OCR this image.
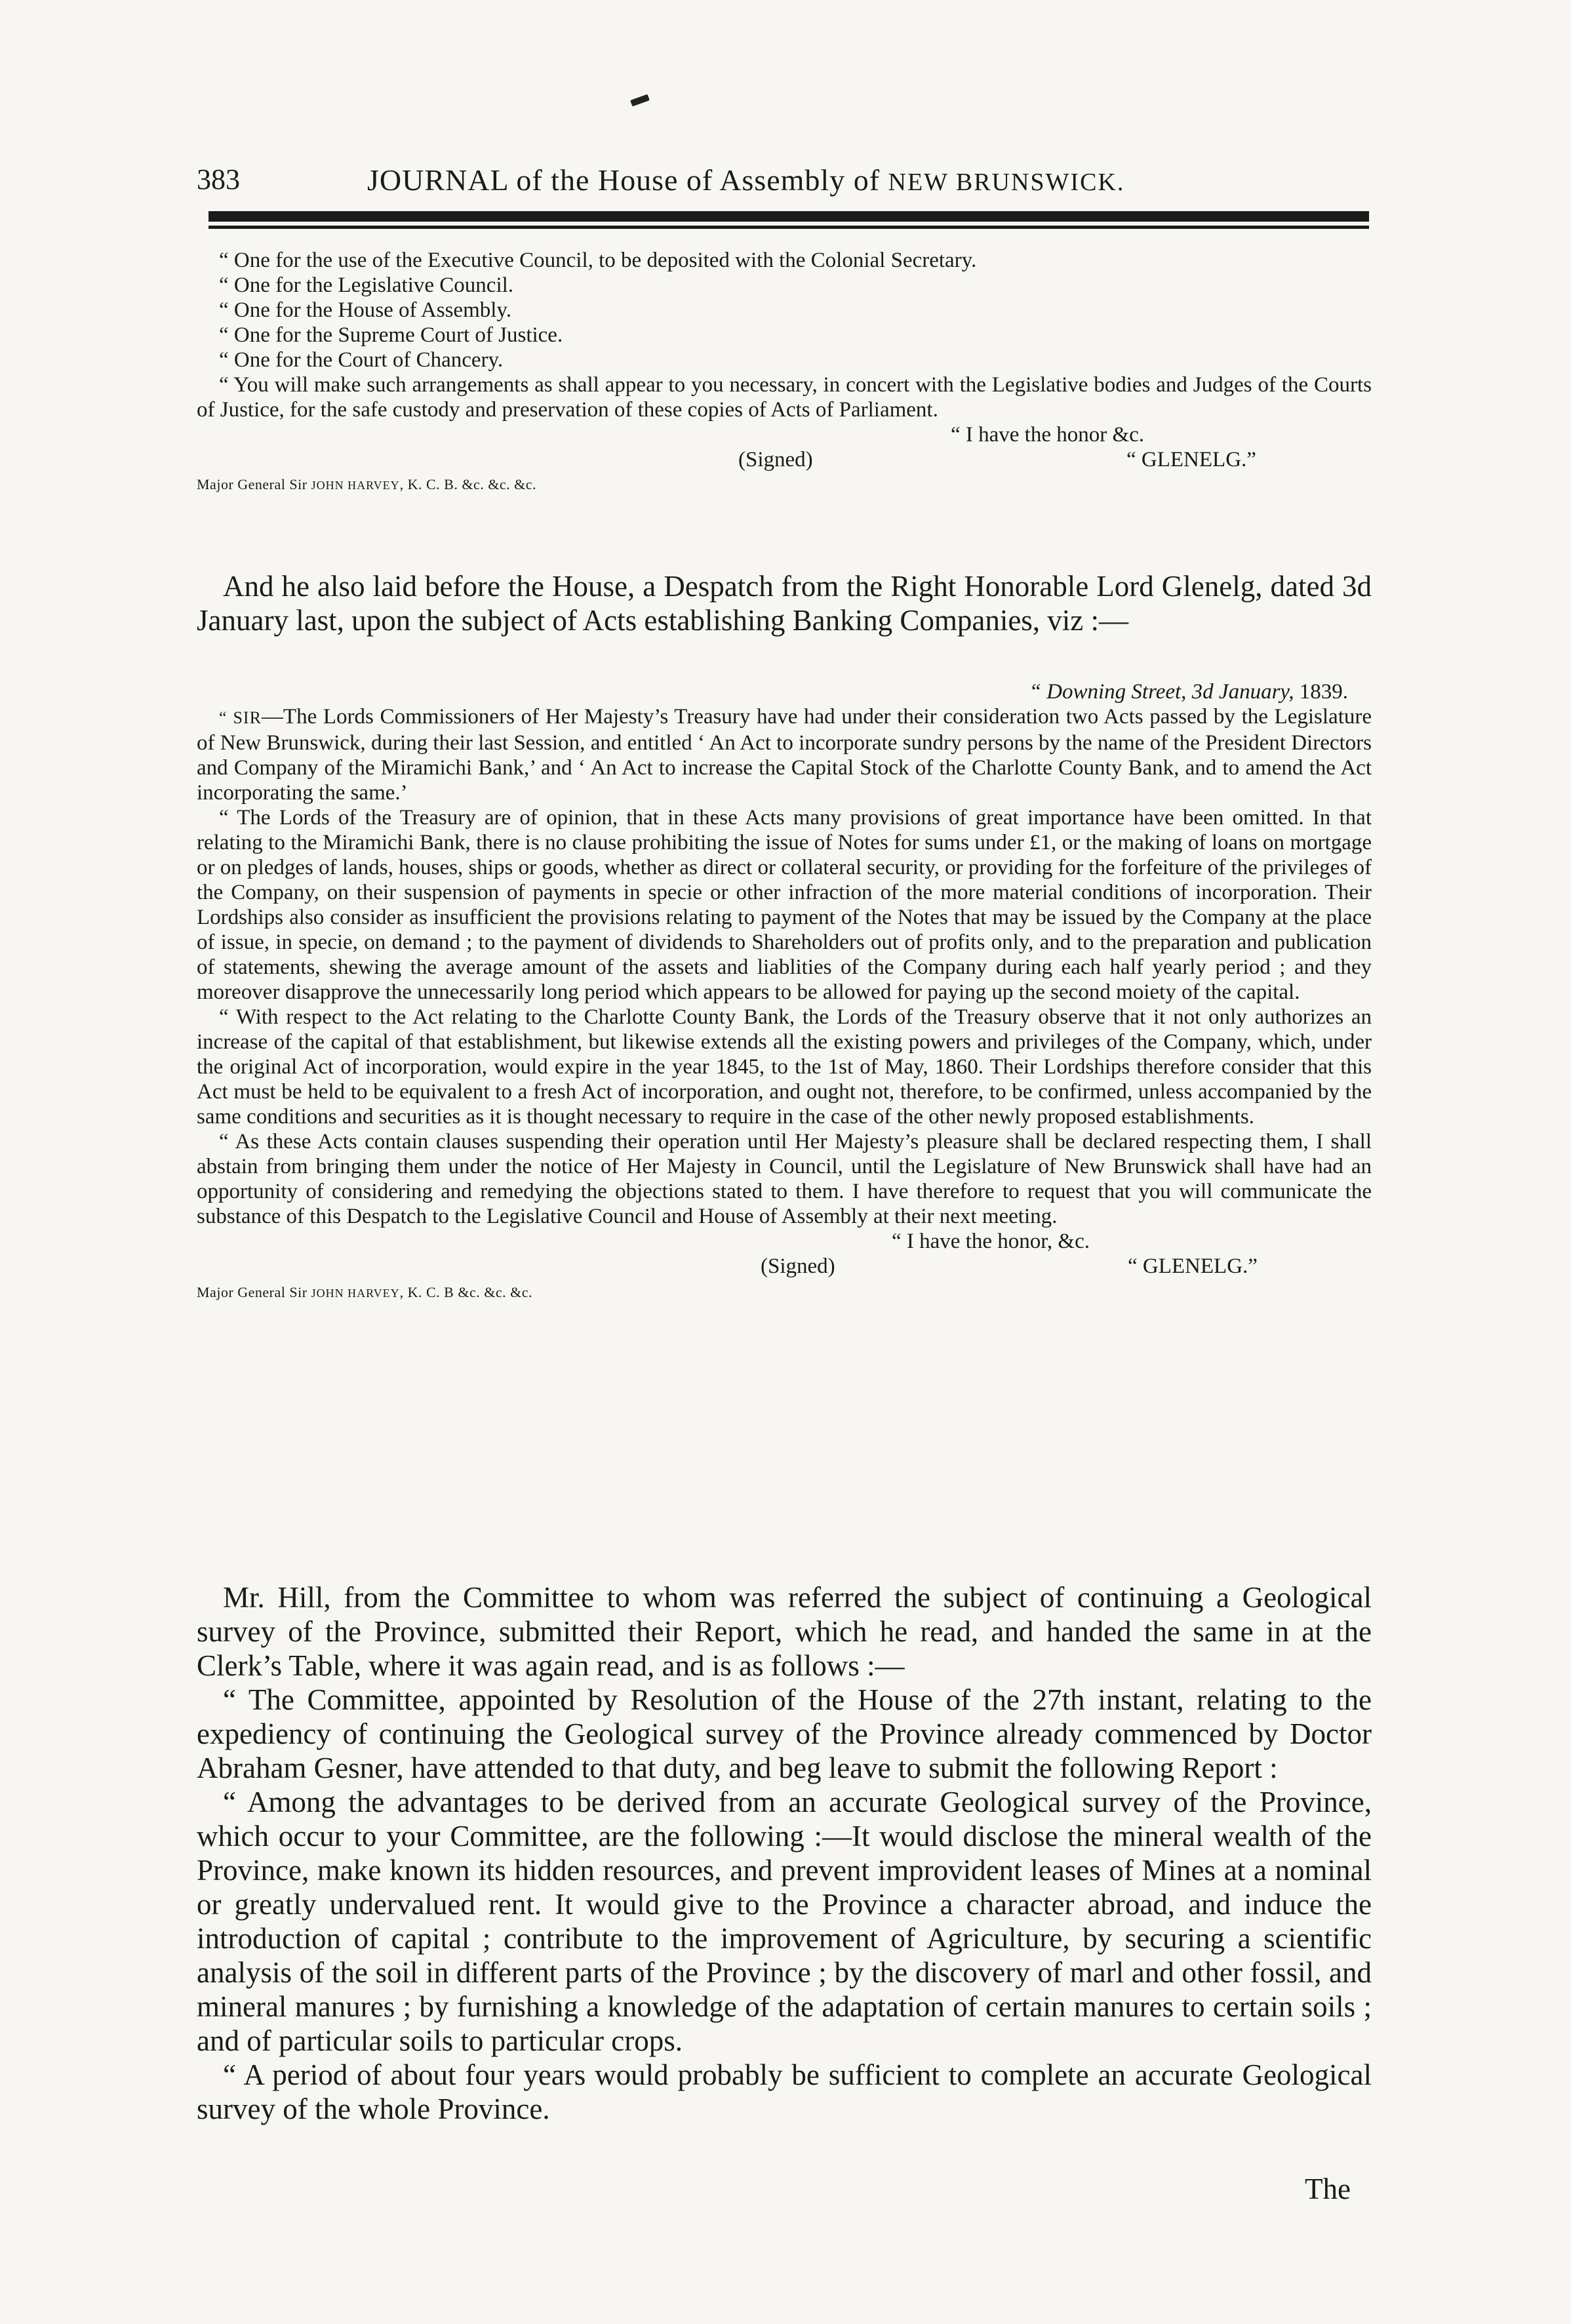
383	JOURNAL of the House of Assembly of NEW BRUNSWICK.

“ One for the use of the Executive Council, to be deposited with the Colonial Secretary.

“ One for the Legislative Council.

“ One for the House of Assembly.

“ One for the Supreme Court of Justice.

“ One for the Court of Chancery.

“ You will make such arrangements as shall appear to you necessary, in concert with the Legislative bodies and Judges of the Courts of Justice, for the safe custody and preservation of these copies of Acts of Parliament.

“ I have the honor &c.

(Signed)	“ GLENELG.”

Major General Sir JOHN HARVEY, K. C. B. &c. &c. &c.

And he also laid before the House, a Despatch from the Right Honorable Lord Glenelg, dated 3d January last, upon the subject of Acts establishing Banking Companies, viz :—

“ Downing Street, 3d January, 1839.

“ SIR—The Lords Commissioners of Her Majesty’s Treasury have had under their consideration two Acts passed by the Legislature of New Brunswick, during their last Session, and entitled ‘ An Act to incorporate sundry persons by the name of the President Directors and Company of the Miramichi Bank,’ and ‘ An Act to increase the Capital Stock of the Charlotte County Bank, and to amend the Act incorporating the same.’

“ The Lords of the Treasury are of opinion, that in these Acts many provisions of great importance have been omitted. In that relating to the Miramichi Bank, there is no clause prohibiting the issue of Notes for sums under £1, or the making of loans on mortgage or on pledges of lands, houses, ships or goods, whether as direct or collateral security, or providing for the forfeiture of the privileges of the Company, on their suspension of payments in specie or other infraction of the more material conditions of incorporation. Their Lordships also consider as insufficient the provisions relating to payment of the Notes that may be issued by the Company at the place of issue, in specie, on demand ; to the payment of dividends to Shareholders out of profits only, and to the preparation and publication of statements, shewing the average amount of the assets and liablities of the Company during each half yearly period ; and they moreover disapprove the unnecessarily long period which appears to be allowed for paying up the second moiety of the capital.

“ With respect to the Act relating to the Charlotte County Bank, the Lords of the Treasury observe that it not only authorizes an increase of the capital of that establishment, but likewise extends all the existing powers and privileges of the Company, which, under the original Act of incorporation, would expire in the year 1845, to the 1st of May, 1860. Their Lordships therefore consider that this Act must be held to be equivalent to a fresh Act of incorporation, and ought not, therefore, to be confirmed, unless accompanied by the same conditions and securities as it is thought necessary to require in the case of the other newly proposed establishments.

“ As these Acts contain clauses suspending their operation until Her Majesty’s pleasure shall be declared respecting them, I shall abstain from bringing them under the notice of Her Majesty in Council, until the Legislature of New Brunswick shall have had an opportunity of considering and remedying the objections stated to them. I have therefore to request that you will communicate the substance of this Despatch to the Legislative Council and House of Assembly at their next meeting.

“ I have the honor, &c.

(Signed)	“ GLENELG.”

Major General Sir JOHN HARVEY, K. C. B &c. &c. &c.

Mr. Hill, from the Committee to whom was referred the subject of continuing a Geological survey of the Province, submitted their Report, which he read, and handed the same in at the Clerk’s Table, where it was again read, and is as follows :—

“ The Committee, appointed by Resolution of the House of the 27th instant, relating to the expediency of continuing the Geological survey of the Province already commenced by Doctor Abraham Gesner, have attended to that duty, and beg leave to submit the following Report :

“ Among the advantages to be derived from an accurate Geological survey of the Province, which occur to your Committee, are the following :—It would disclose the mineral wealth of the Province, make known its hidden resources, and prevent improvident leases of Mines at a nominal or greatly undervalued rent. It would give to the Province a character abroad, and induce the introduction of capital ; contribute to the improvement of Agriculture, by securing a scientific analysis of the soil in different parts of the Province ; by the discovery of marl and other fossil, and mineral manures ; by furnishing a knowledge of the adaptation of certain manures to certain soils ; and of particular soils to particular crops.

“ A period of about four years would probably be sufficient to complete an accurate Geological survey of the whole Province.

The
